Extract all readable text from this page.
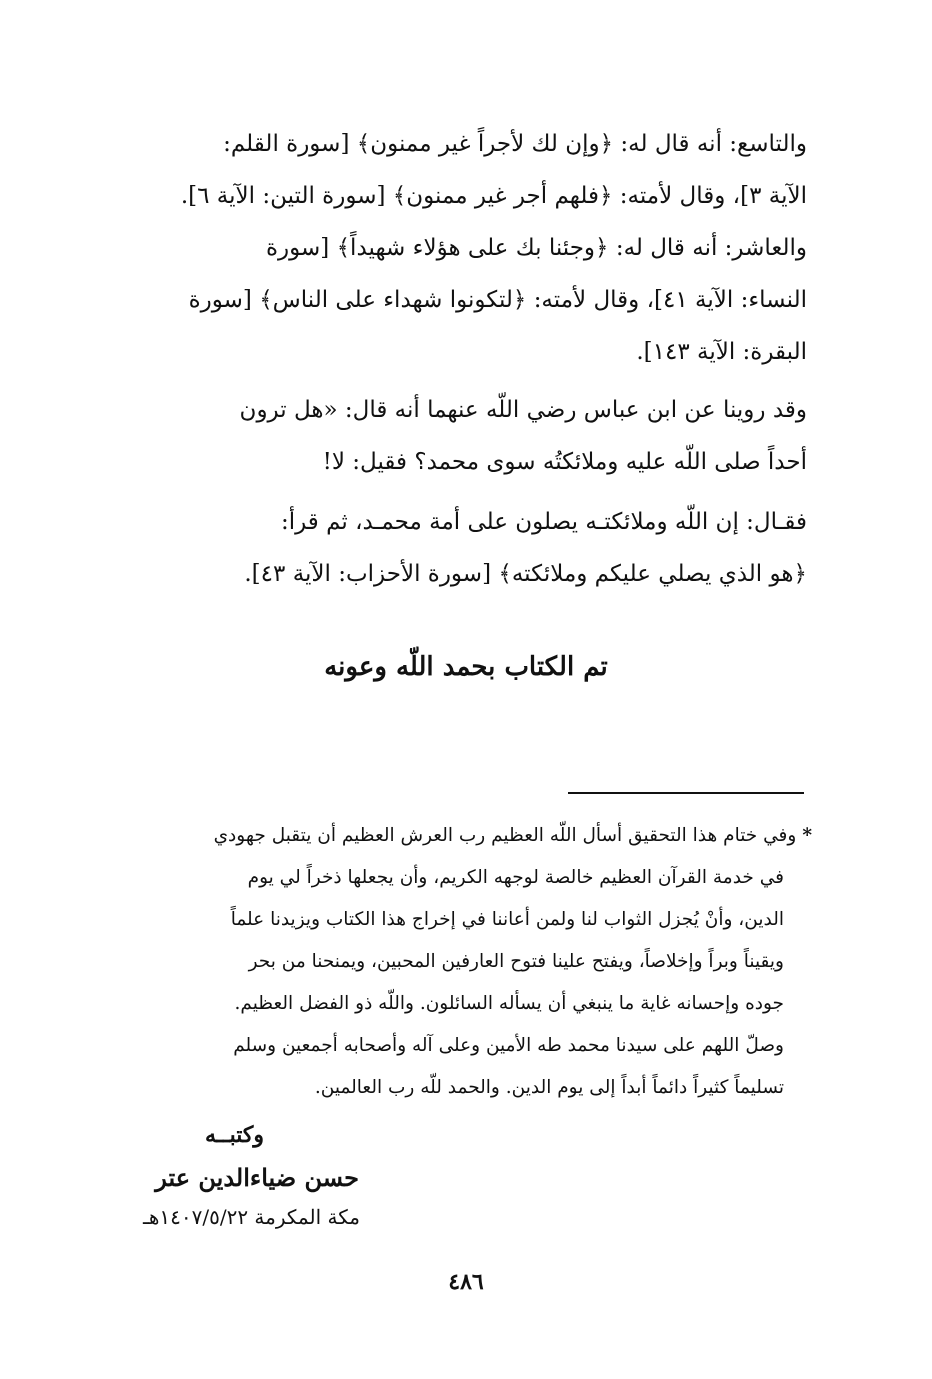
والتاسع: أنه قال له: ﴿وإن لك لأجراً غير ممنون﴾ [سورة القلم:
الآية ٣]، وقال لأمته: ﴿فلهم أجر غير ممنون﴾ [سورة التين: الآية ٦].
والعاشر: أنه قال له: ﴿وجئنا بك على هؤلاء شهيداً﴾ [سورة
النساء: الآية ٤١]، وقال لأمته: ﴿لتكونوا شهداء على الناس﴾ [سورة
البقرة: الآية ١٤٣].
وقد روينا عن ابن عباس رضي اللّه عنهما أنه قال: «هل ترون
أحداً صلى اللّه عليه وملائكتُه سوى محمد؟ فقيل: لا!
فقـال: إن اللّه وملائكتـه يصلون على أمة محمـد، ثم قرأ:
﴿هو الذي يصلي عليكم وملائكته﴾ [سورة الأحزاب: الآية ٤٣].
تم الكتاب بحمد اللّه وعونه
*وفي ختام هذا التحقيق أسأل اللّه العظيم رب العرش العظيم أن يتقبل جهودي
في خدمة القرآن العظيم خالصة لوجهه الكريم، وأن يجعلها ذخراً لي يوم
الدين، وأنْ يُجزل الثواب لنا ولمن أعاننا في إخراج هذا الكتاب ويزيدنا علماً
ويقيناً وبراً وإخلاصاً، ويفتح علينا فتوح العارفين المحبين، ويمنحنا من بحر
جوده وإحسانه غاية ما ينبغي أن يسأله السائلون. واللّه ذو الفضل العظيم.
وصلّ اللهم على سيدنا محمد طه الأمين وعلى آله وأصحابه أجمعين وسلم
تسليماً كثيراً دائماً أبداً إلى يوم الدين. والحمد للّه رب العالمين.
وكتبــه
حسن ضياءالدين عتر
مكة المكرمة ١٤٠٧/٥/٢٢هـ
٤٨٦
